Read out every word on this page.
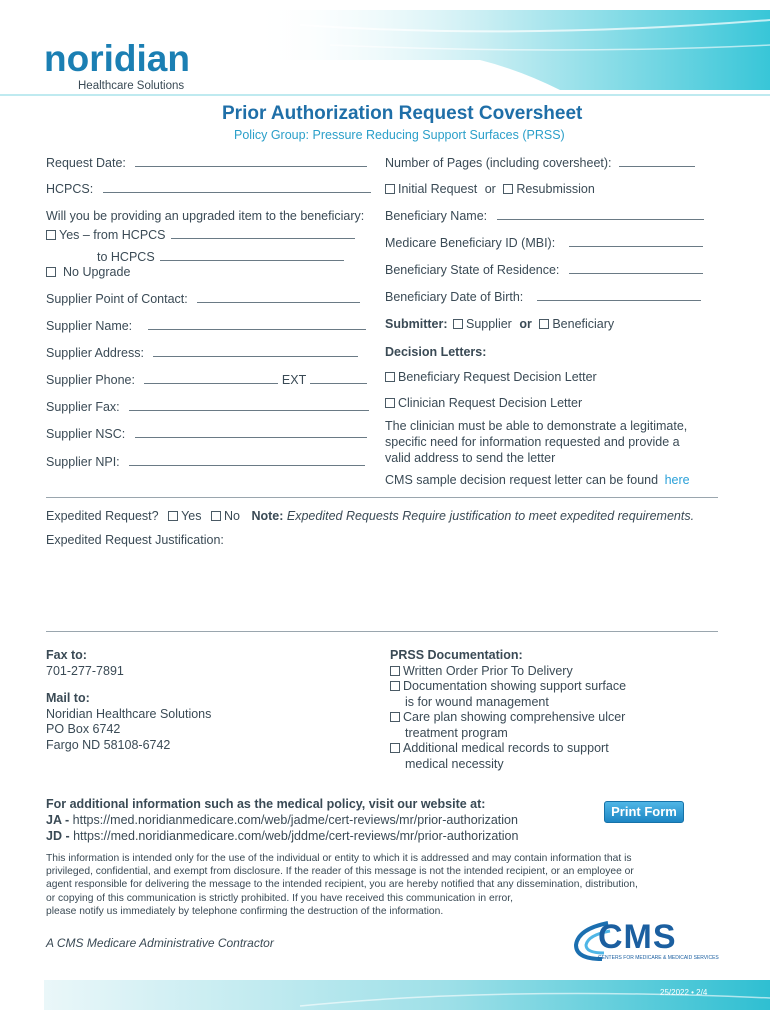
noridian
Healthcare Solutions
Prior Authorization Request Coversheet
Policy Group: Pressure Reducing Support Surfaces (PRSS)
Request Date:
HCPCS:
Will you be providing an upgraded item to the beneficiary:
Yes – from HCPCS
to HCPCS
No Upgrade
Supplier Point of Contact:
Supplier Name:
Supplier Address:
Supplier Phone:	EXT
Supplier Fax:
Supplier NSC:
Supplier NPI:
Number of Pages (including coversheet):
Initial Request or Resubmission
Beneficiary Name:
Medicare Beneficiary ID (MBI):
Beneficiary State of Residence:
Beneficiary Date of Birth:
Submitter: Supplier or Beneficiary
Decision Letters:
Beneficiary Request Decision Letter
Clinician Request Decision Letter
The clinician must be able to demonstrate a legitimate,
specific need for information requested and provide a
valid address to send the letter
CMS sample decision request letter can be found here
Expedited Request? Yes No Note: Expedited Requests Require justification to meet expedited requirements.
Expedited Request Justification:
Fax to:
701-277-7891
Mail to:
Noridian Healthcare Solutions
PO Box 6742
Fargo ND 58108-6742
PRSS Documentation:
Written Order Prior To Delivery
Documentation showing support surface
is for wound management
Care plan showing comprehensive ulcer
treatment program
Additional medical records to support
medical necessity
For additional information such as the medical policy, visit our website at:
JA - https://med.noridianmedicare.com/web/jadme/cert-reviews/mr/prior-authorization
JD - https://med.noridianmedicare.com/web/jddme/cert-reviews/mr/prior-authorization
Print Form
This information is intended only for the use of the individual or entity to which it is addressed and may contain information that is
privileged, confidential, and exempt from disclosure. If the reader of this message is not the intended recipient, or an employee or
agent responsible for delivering the message to the intended recipient, you are hereby notified that any dissemination, distribution,
or copying of this communication is strictly prohibited. If you have received this communication in error,
please notify us immediately by telephone confirming the destruction of the information.
A CMS Medicare Administrative Contractor	CMS
CENTERS FOR MEDICARE & MEDICAID SERVICES
25/2022 • 2/4
